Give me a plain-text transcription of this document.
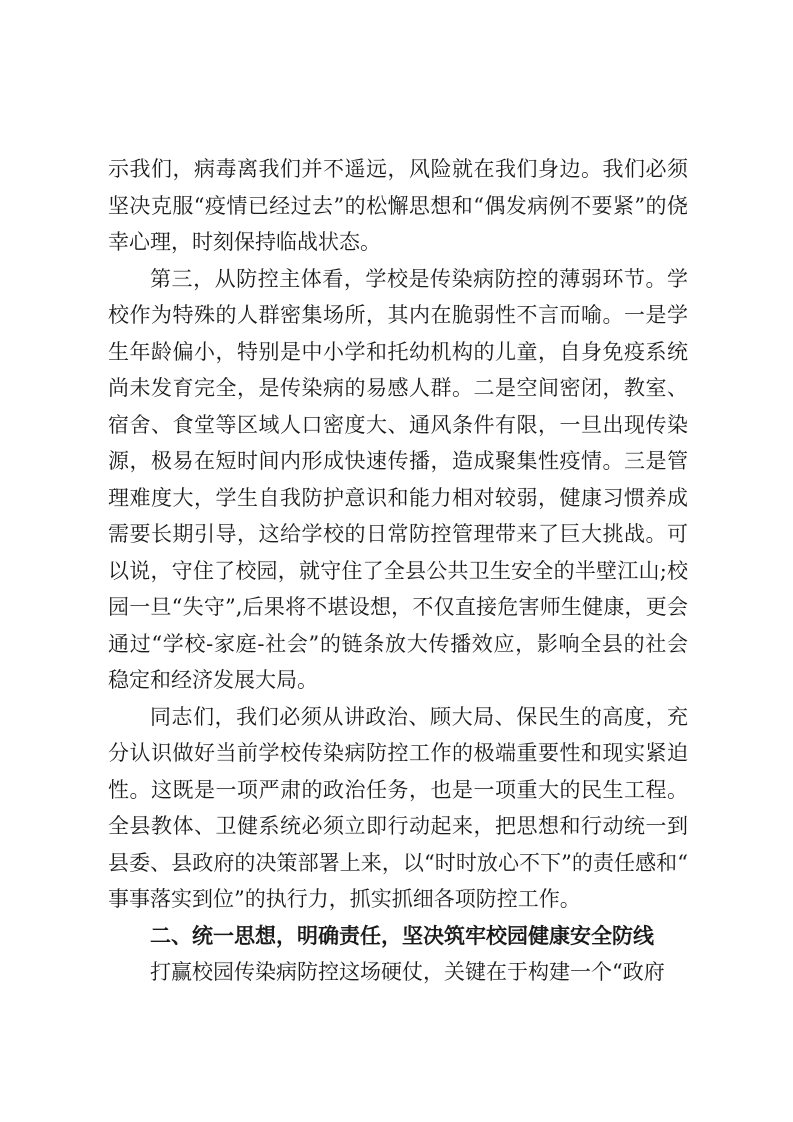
示我们，病毒离我们并不遥远，风险就在我们身边。我们必须坚决克服“疫情已经过去”的松懈思想和“偶发病例不要紧”的侥幸心理，时刻保持临战状态。

第三，从防控主体看，学校是传染病防控的薄弱环节。学校作为特殊的人群密集场所，其内在脆弱性不言而喻。一是学生年龄偏小，特别是中小学和托幼机构的儿童，自身免疫系统尚未发育完全，是传染病的易感人群。二是空间密闭，教室、宿舍、食堂等区域人口密度大、通风条件有限，一旦出现传染源，极易在短时间内形成快速传播，造成聚集性疫情。三是管理难度大，学生自我防护意识和能力相对较弱，健康习惯养成需要长期引导，这给学校的日常防控管理带来了巨大挑战。可以说，守住了校园，就守住了全县公共卫生安全的半壁江山;校园一旦“失守”,后果将不堪设想，不仅直接危害师生健康，更会通过“学校-家庭-社会”的链条放大传播效应，影响全县的社会稳定和经济发展大局。

同志们，我们必须从讲政治、顾大局、保民生的高度，充分认识做好当前学校传染病防控工作的极端重要性和现实紧迫性。这既是一项严肃的政治任务，也是一项重大的民生工程。全县教体、卫健系统必须立即行动起来，把思想和行动统一到县委、县政府的决策部署上来，以“时时放心不下”的责任感和“事事落实到位”的执行力，抓实抓细各项防控工作。

二、统一思想，明确责任，坚决筑牢校园健康安全防线

打赢校园传染病防控这场硬仗，关键在于构建一个“政府
